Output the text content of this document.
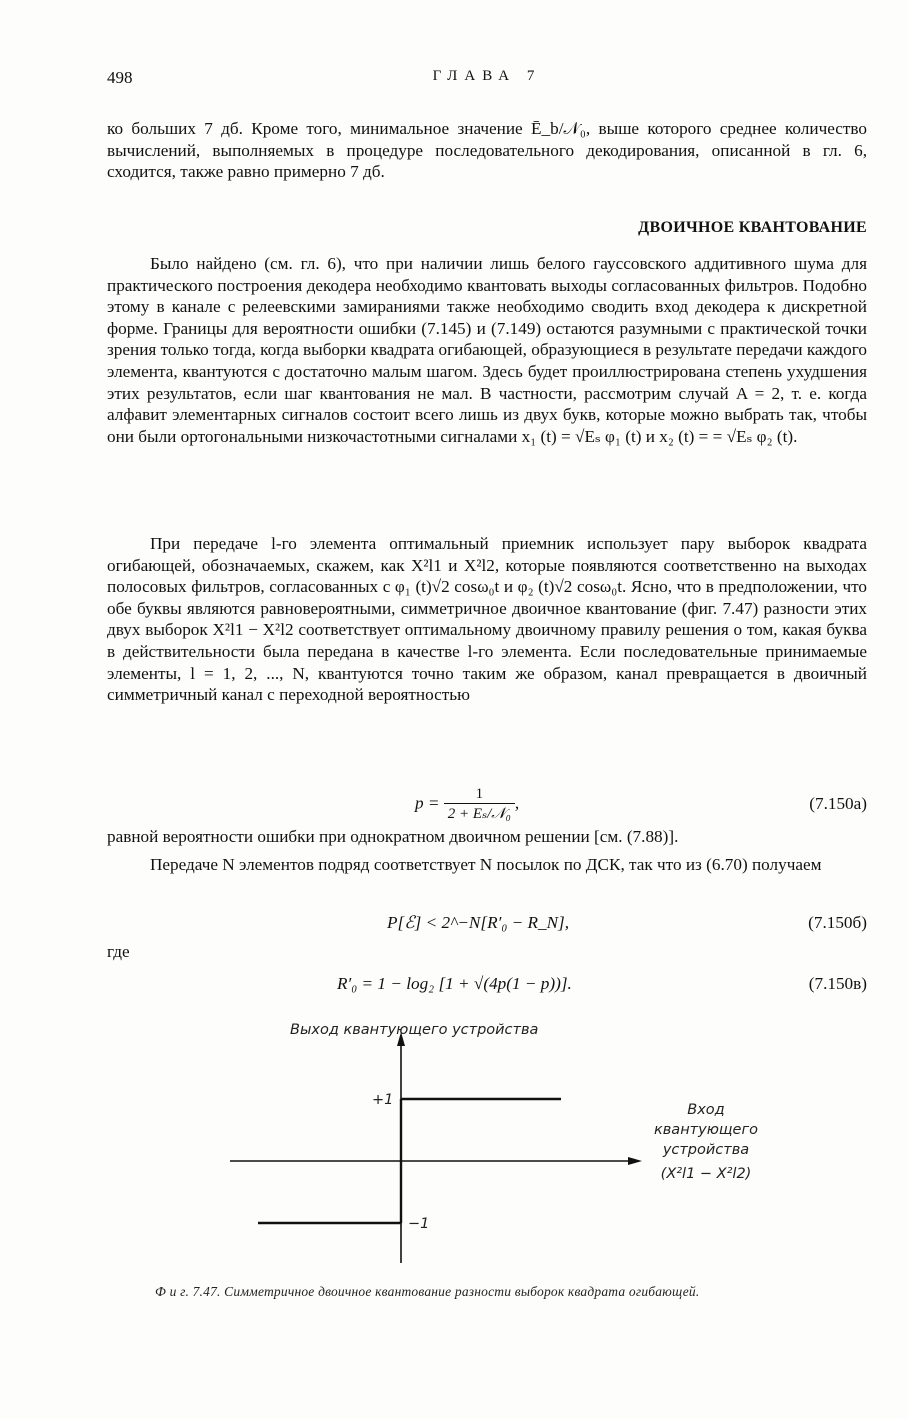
498	ГЛАВА 7
ко больших 7 дб. Кроме того, минимальное значение Ē_b/𝒩₀, выше которого среднее количество вычислений, выполняемых в процедуре последовательного декодирования, описанной в гл. 6, сходится, также равно примерно 7 дб.
ДВОИЧНОЕ КВАНТОВАНИЕ
Было найдено (см. гл. 6), что при наличии лишь белого гауссовского аддитивного шума для практического построения декодера необходимо квантовать выходы согласованных фильтров. Подобно этому в канале с релеевскими замираниями также необходимо сводить вход декодера к дискретной форме. Границы для вероятности ошибки (7.145) и (7.149) остаются разумными с практической точки зрения только тогда, когда выборки квадрата огибающей, образующиеся в результате передачи каждого элемента, квантуются с достаточно малым шагом. Здесь будет проиллюстрирована степень ухудшения этих результатов, если шаг квантования не мал. В частности, рассмотрим случай A = 2, т. е. когда алфавит элементарных сигналов состоит всего лишь из двух букв, которые можно выбрать так, чтобы они были ортогональными низкочастотными сигналами x₁ (t) = √Eₛ φ₁ (t) и x₂ (t) = = √Eₛ φ₂ (t).
При передаче l-го элемента оптимальный приемник использует пару выборок квадрата огибающей, обозначаемых, скажем, как X²l1 и X²l2, которые появляются соответственно на выходах полосовых фильтров, согласованных с φ₁ (t)√2 cosω₀t и φ₂ (t)√2 cosω₀t. Ясно, что в предположении, что обе буквы являются равновероятными, симметричное двоичное квантование (фиг. 7.47) разности этих двух выборок X²l1 − X²l2 соответствует оптимальному двоичному правилу решения о том, какая буква в действительности была передана в качестве l-го элемента. Если последовательные принимаемые элементы, l = 1, 2, ..., N, квантуются точно таким же образом, канал превращается в двоичный симметричный канал с переходной вероятностью
$p = \frac{1}{\text{2 + Eₛ/𝒩₀}}$ ,	(7.150а)
равной вероятности ошибки при однократном двоичном решении [см. (7.88)].
Передаче N элементов подряд соответствует N посылок по ДСК, так что из (6.70) получаем
P[ℰ] < 2^−N[R′₀ − R_N],	(7.150б)
где
R′₀ = 1 − log₂ [1 + √(4p(1 − p))].	(7.150в)
Выход квантующего устройства
+1
−1
Вход
квантующего
устройства
(X²l1 − X²l2)
Ф и г. 7.47. Симметричное двоичное квантование разности выборок квадрата огибающей.
